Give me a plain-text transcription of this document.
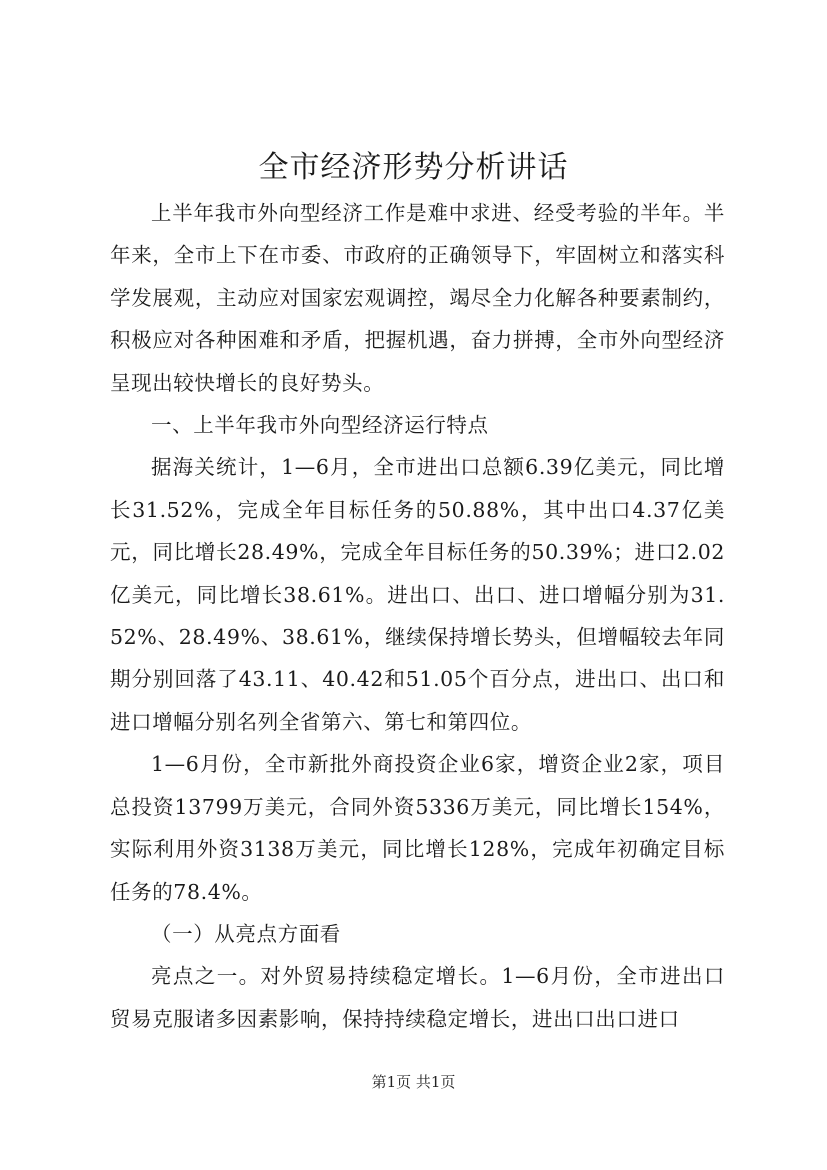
全市经济形势分析讲话

上半年我市外向型经济工作是难中求进、经受考验的半年。半年来，全市上下在市委、市政府的正确领导下，牢固树立和落实科学发展观，主动应对国家宏观调控，竭尽全力化解各种要素制约，积极应对各种困难和矛盾，把握机遇，奋力拼搏，全市外向型经济呈现出较快增长的良好势头。

一、上半年我市外向型经济运行特点

据海关统计，1—6月，全市进出口总额6.39亿美元，同比增长31.52%，完成全年目标任务的50.88%，其中出口4.37亿美元，同比增长28.49%，完成全年目标任务的50.39%；进口2.02亿美元，同比增长38.61%。进出口、出口、进口增幅分别为31.52%、28.49%、38.61%，继续保持增长势头，但增幅较去年同期分别回落了43.11、40.42和51.05个百分点，进出口、出口和进口增幅分别名列全省第六、第七和第四位。

1—6月份，全市新批外商投资企业6家，增资企业2家，项目总投资13799万美元，合同外资5336万美元，同比增长154%，实际利用外资3138万美元，同比增长128%，完成年初确定目标任务的78.4%。

（一）从亮点方面看

亮点之一。对外贸易持续稳定增长。1—6月份，全市进出口贸易克服诸多因素影响，保持持续稳定增长，进出口出口进口

第1页 共1页
